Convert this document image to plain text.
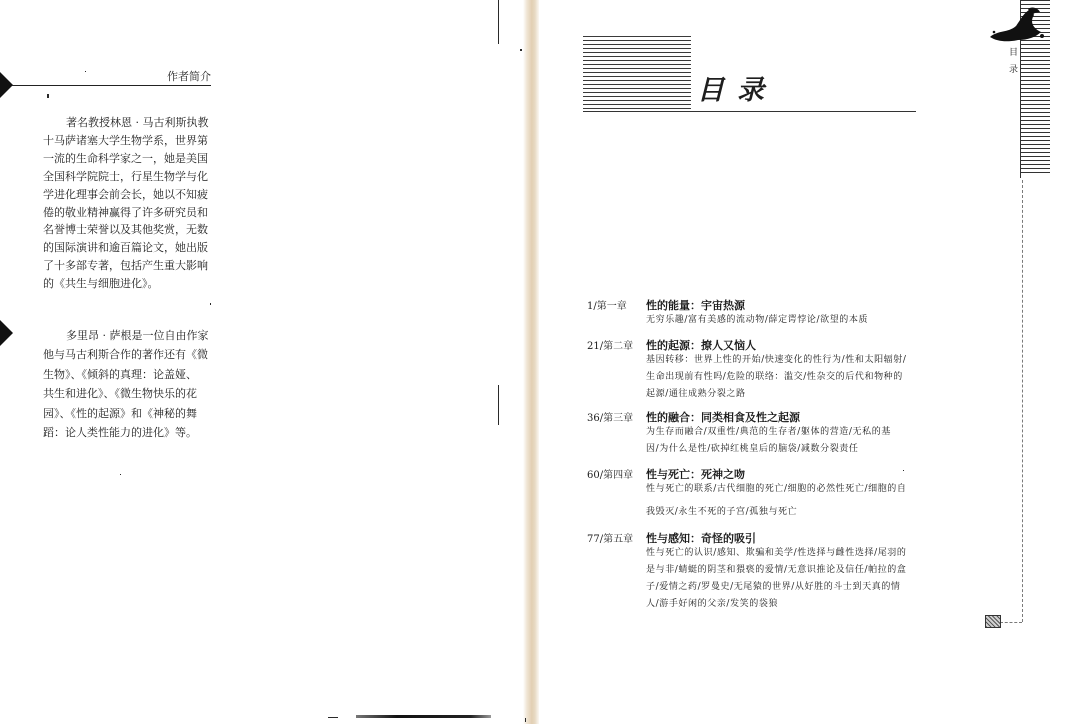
作者简介
著名教授林恩 · 马古利斯执教
十马萨诸塞大学生物学系，世界第
一流的生命科学家之一，她是美国
全国科学院院士，行星生物学与化
学进化理事会前会长，她以不知疲
倦的敬业精神赢得了许多研究员和
名誉博士荣誉以及其他奖赏，无数
的国际演讲和逾百篇论文，她出版
了十多部专著，包括产生重大影响
的《共生与细胞进化》。
多里昂 · 萨根是一位自由作家
他与马古利斯合作的著作还有《微
生物》、《倾斜的真理：论盖娅、
共生和进化》、《微生物快乐的花
园》、《性的起源》和《神秘的舞
蹈：论人类性能力的进化》等。
目录
目录
1/第一章 性的能量：宇宙热源
无穷乐趣/富有美感的流动物/薛定谔悖论/欲望的本质
21/第二章 性的起源：撩人又恼人
基因转移：世界上性的开始/快速变化的性行为/性和太阳辐射/
生命出现前有性吗/危险的联络：滥交/性杂交的后代和物种的
起源/通往成熟分裂之路
36/第三章 性的融合：同类相食及性之起源
为生存而融合/双重性/典范的生存者/躯体的营造/无私的基
因/为什么是性/砍掉红桃皇后的脑袋/减数分裂责任
60/第四章 性与死亡：死神之吻
性与死亡的联系/古代细胞的死亡/细胞的必然性死亡/细胞的自
我毁灭/永生不死的子宫/孤独与死亡
77/第五章 性与感知：奇怪的吸引
性与死亡的认识/感知、欺骗和美学/性选择与雌性选择/尾羽的
是与非/蜻蜓的阴茎和猥亵的爱情/无意识推论及信任/帕拉的盒
子/爱情之药/罗曼史/无尾猿的世界/从好胜的斗士到天真的情
人/游手好闲的父亲/发笑的袋狼
